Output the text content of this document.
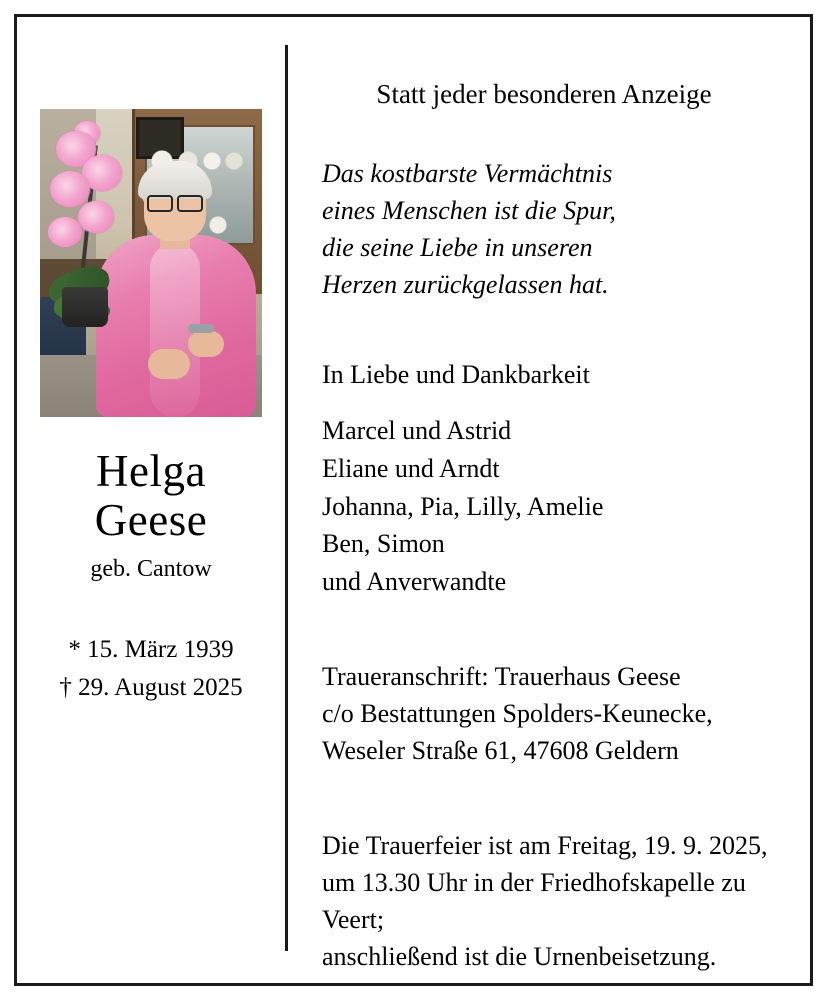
Helga
Geese
geb. Cantow
* 15. März 1939
† 29. August 2025
Statt jeder besonderen Anzeige
Das kostbarste Vermächtnis
eines Menschen ist die Spur,
die seine Liebe in unseren
Herzen zurückgelassen hat.
In Liebe und Dankbarkeit
Marcel und Astrid
Eliane und Arndt
Johanna, Pia, Lilly, Amelie
Ben, Simon
und Anverwandte
Traueranschrift: Trauerhaus Geese
c/o Bestattungen Spolders-Keunecke,
Weseler Straße 61, 47608 Geldern
Die Trauerfeier ist am Freitag, 19. 9. 2025,
um 13.30 Uhr in der Friedhofskapelle zu Veert;
anschließend ist die Urnenbeisetzung.
